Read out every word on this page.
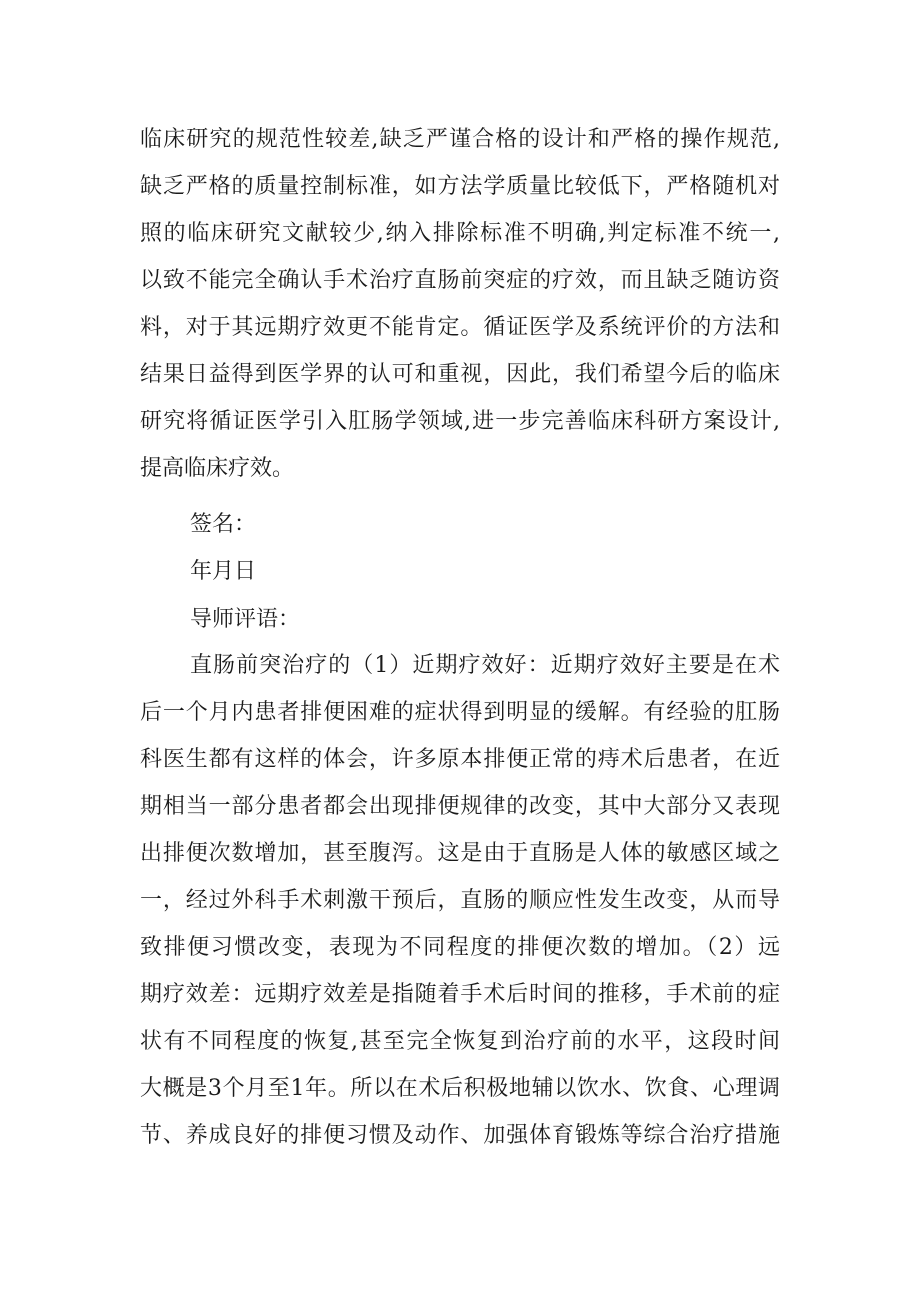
临床研究的规范性较差,缺乏严谨合格的设计和严格的操作规范,
缺乏严格的质量控制标准，如方法学质量比较低下，严格随机对
照的临床研究文献较少,纳入排除标准不明确,判定标准不统一,
以致不能完全确认手术治疗直肠前突症的疗效，而且缺乏随访资
料，对于其远期疗效更不能肯定。循证医学及系统评价的方法和
结果日益得到医学界的认可和重视，因此，我们希望今后的临床
研究将循证医学引入肛肠学领域,进一步完善临床科研方案设计,
提高临床疗效。
签名：
年月日
导师评语：
直肠前突治疗的（1）近期疗效好：近期疗效好主要是在术
后一个月内患者排便困难的症状得到明显的缓解。有经验的肛肠
科医生都有这样的体会，许多原本排便正常的痔术后患者，在近
期相当一部分患者都会出现排便规律的改变，其中大部分又表现
出排便次数增加，甚至腹泻。这是由于直肠是人体的敏感区域之
一，经过外科手术刺激干预后，直肠的顺应性发生改变，从而导
致排便习惯改变，表现为不同程度的排便次数的增加。（2）远
期疗效差：远期疗效差是指随着手术后时间的推移，手术前的症
状有不同程度的恢复,甚至完全恢复到治疗前的水平，这段时间
大概是3个月至1年。所以在术后积极地辅以饮水、饮食、心理调
节、养成良好的排便习惯及动作、加强体育锻炼等综合治疗措施
